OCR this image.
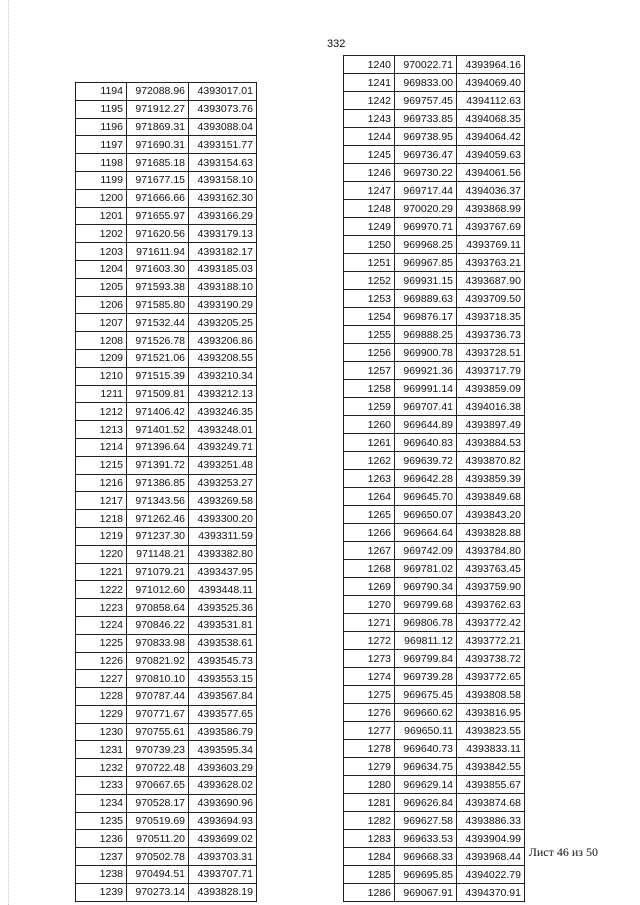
332
1194	972088.96	4393017.01
1195	971912.27	4393073.76
1196	971869.31	4393088.04
1197	971690.31	4393151.77
1198	971685.18	4393154.63
1199	971677.15	4393158.10
1200	971666.66	4393162.30
1201	971655.97	4393166.29
1202	971620.56	4393179.13
1203	971611.94	4393182.17
1204	971603.30	4393185.03
1205	971593.38	4393188.10
1206	971585.80	4393190.29
1207	971532.44	4393205.25
1208	971526.78	4393206.86
1209	971521.06	4393208.55
1210	971515.39	4393210.34
1211	971509.81	4393212.13
1212	971406.42	4393246.35
1213	971401.52	4393248.01
1214	971396.64	4393249.71
1215	971391.72	4393251.48
1216	971386.85	4393253.27
1217	971343.56	4393269.58
1218	971262.46	4393300.20
1219	971237.30	4393311.59
1220	971148.21	4393382.80
1221	971079.21	4393437.95
1222	971012.60	4393448.11
1223	970858.64	4393525.36
1224	970846.22	4393531.81
1225	970833.98	4393538.61
1226	970821.92	4393545.73
1227	970810.10	4393553.15
1228	970787.44	4393567.84
1229	970771.67	4393577.65
1230	970755.61	4393586.79
1231	970739.23	4393595.34
1232	970722.48	4393603.29
1233	970667.65	4393628.02
1234	970528.17	4393690.96
1235	970519.69	4393694.93
1236	970511.20	4393699.02
1237	970502.78	4393703.31
1238	970494.51	4393707.71
1239	970273.14	4393828.19
1240	970022.71	4393964.16
1241	969833.00	4394069.40
1242	969757.45	4394112.63
1243	969733.85	4394068.35
1244	969738.95	4394064.42
1245	969736.47	4394059.63
1246	969730.22	4394061.56
1247	969717.44	4394036.37
1248	970020.29	4393868.99
1249	969970.71	4393767.69
1250	969968.25	4393769.11
1251	969967.85	4393763.21
1252	969931.15	4393687.90
1253	969889.63	4393709.50
1254	969876.17	4393718.35
1255	969888.25	4393736.73
1256	969900.78	4393728.51
1257	969921.36	4393717.79
1258	969991.14	4393859.09
1259	969707.41	4394016.38
1260	969644.89	4393897.49
1261	969640.83	4393884.53
1262	969639.72	4393870.82
1263	969642.28	4393859.39
1264	969645.70	4393849.68
1265	969650.07	4393843.20
1266	969664.64	4393828.88
1267	969742.09	4393784.80
1268	969781.02	4393763.45
1269	969790.34	4393759.90
1270	969799.68	4393762.63
1271	969806.78	4393772.42
1272	969811.12	4393772.21
1273	969799.84	4393738.72
1274	969739.28	4393772.65
1275	969675.45	4393808.58
1276	969660.62	4393816.95
1277	969650.11	4393823.55
1278	969640.73	4393833.11
1279	969634.75	4393842.55
1280	969629.14	4393855.67
1281	969626.84	4393874.68
1282	969627.58	4393886.33
1283	969633.53	4393904.99
1284	969668.33	4393968.44
1285	969695.85	4394022.79
1286	969067.91	4394370.91
Лист 46 из 50
